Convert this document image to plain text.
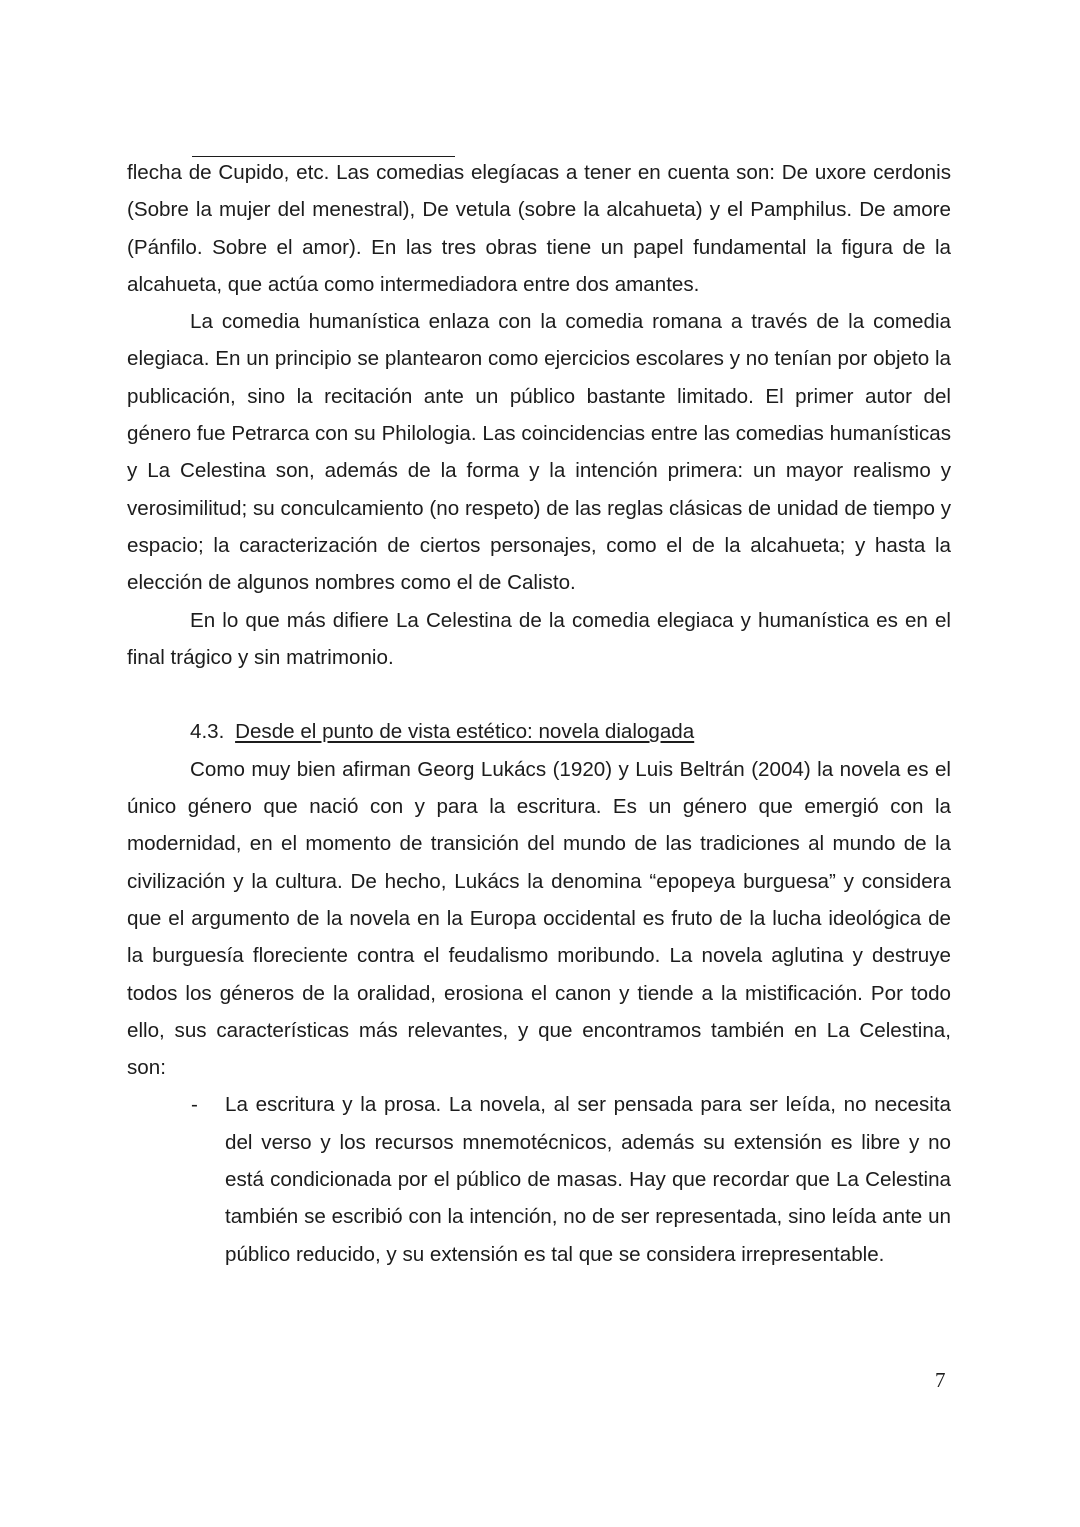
flecha de Cupido, etc. Las comedias elegíacas a tener en cuenta son: De uxore cerdonis (Sobre la mujer del menestral), De vetula (sobre la alcahueta) y el Pamphilus. De amore (Pánfilo. Sobre el amor). En las tres obras tiene un papel fundamental la figura de la alcahueta, que actúa como intermediadora entre dos amantes.

La comedia humanística enlaza con la comedia romana a través de la comedia elegiaca. En un principio se plantearon como ejercicios escolares y no tenían por objeto la publicación, sino la recitación ante un público bastante limitado. El primer autor del género fue Petrarca con su Philologia. Las coincidencias entre las comedias humanísticas y La Celestina son, además de la forma y la intención primera: un mayor realismo y verosimilitud; su conculcamiento (no respeto) de las reglas clásicas de unidad de tiempo y espacio; la caracterización de ciertos personajes, como el de la alcahueta; y hasta la elección de algunos nombres como el de Calisto.

En lo que más difiere La Celestina de la comedia elegiaca y humanística es en el final trágico y sin matrimonio.

4.3. Desde el punto de vista estético: novela dialogada

Como muy bien afirman Georg Lukács (1920) y Luis Beltrán (2004) la novela es el único género que nació con y para la escritura. Es un género que emergió con la modernidad, en el momento de transición del mundo de las tradiciones al mundo de la civilización y la cultura. De hecho, Lukács la denomina “epopeya burguesa” y considera que el argumento de la novela en la Europa occidental es fruto de la lucha ideológica de la burguesía floreciente contra el feudalismo moribundo. La novela aglutina y destruye todos los géneros de la oralidad, erosiona el canon y tiende a la mistificación. Por todo ello, sus características más relevantes, y que encontramos también en La Celestina, son:

- La escritura y la prosa. La novela, al ser pensada para ser leída, no necesita del verso y los recursos mnemotécnicos, además su extensión es libre y no está condicionada por el público de masas. Hay que recordar que La Celestina también se escribió con la intención, no de ser representada, sino leída ante un público reducido, y su extensión es tal que se considera irrepresentable.
7
